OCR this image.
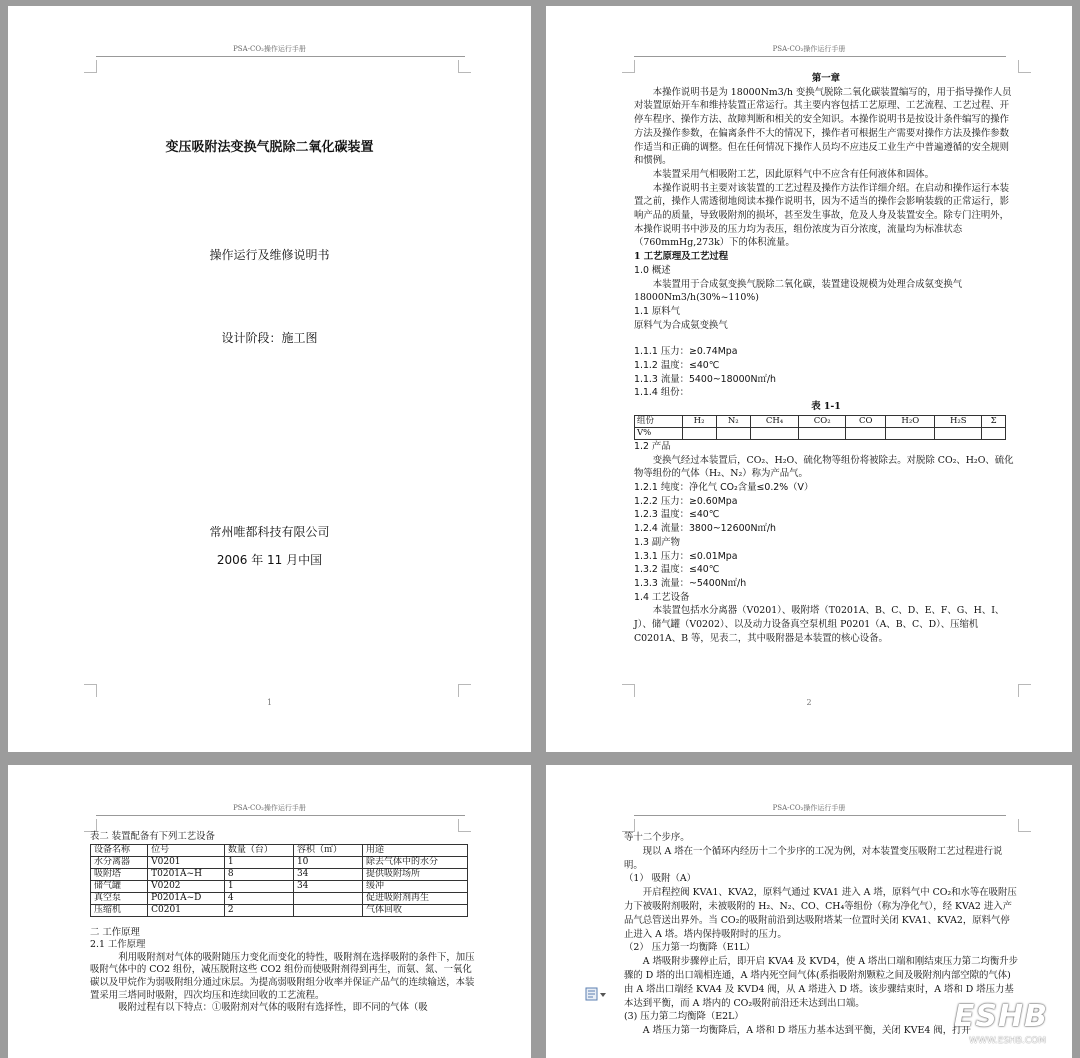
PSA-CO₂操作运行手册
变压吸附法变换气脱除二氧化碳装置
操作运行及维修说明书
设计阶段：施工图
常州唯都科技有限公司
2006 年 11 月中国
1
PSA-CO₂操作运行手册

第一章

本操作说明书是为 18000Nm3/h 变换气脱除二氧化碳装置编写的，用于指导操作人员对装置原始开车和维持装置正常运行。其主要内容包括工艺原理、工艺流程、工艺过程、开停车程序、操作方法、故障判断和相关的安全知识。本操作说明书是按设计条件编写的操作方法及操作参数，在偏离条件不大的情况下，操作者可根据生产需要对操作方法及操作参数作适当和正确的调整。但在任何情况下操作人员均不应违反工业生产中普遍遵循的安全规则和惯例。

本装置采用气相吸附工艺，因此原料气中不应含有任何液体和固体。

本操作说明书主要对该装置的工艺过程及操作方法作详细介绍。在启动和操作运行本装置之前，操作人需透彻地阅读本操作说明书，因为不适当的操作会影响装载的正常运行，影响产品的质量，导致吸附剂的损坏，甚至发生事故，危及人身及装置安全。除专门注明外，本操作说明书中涉及的压力均为表压，组份浓度为百分浓度，流量均为标准状态（760mmHg,273k）下的体积流量。

1 工艺原理及工艺过程

1.0 概述

本装置用于合成氨变换气脱除二氧化碳，装置建设规模为处理合成氨变换气 18000Nm3/h(30%~110%)

1.1 原料气

原料气为合成氨变换气

1.1.1 压力：≥0.74Mpa

1.1.2 温度：≤40℃

1.1.3 流量：5400~18000N㎡/h

1.1.4 组份：

表 1-1

组份	H₂	N₂	CH₄	CO₂	CO	H₂O	H₂S	Σ
V%								

1.2 产品

变换气经过本装置后，CO₂、H₂O、硫化物等组份将被除去。对脱除 CO₂、H₂O、硫化物等组份的气体（H₂、N₂）称为产品气。

1.2.1 纯度：净化气 CO₂含量≤0.2%（V）

1.2.2 压力：≥0.60Mpa

1.2.3 温度：≤40℃

1.2.4 流量：3800~12600N㎡/h

1.3 副产物

1.3.1 压力：≤0.01Mpa

1.3.2 温度：≤40℃

1.3.3 流量：~5400N㎡/h

1.4 工艺设备

本装置包括水分离器（V0201）、吸附塔（T0201A、B、C、D、E、F、G、H、I、J）、储气罐（V0202）、以及动力设备真空泵机组 P0201（A、B、C、D）、压缩机 C0201A、B 等，见表二，其中吸附器是本装置的核心设备。

2
PSA-CO₂操作运行手册

表二 装置配备有下列工艺设备

设备名称	位号	数量（台）	容积（㎡）	用途
水分离器	V0201	1	10	除去气体中的水分
吸附塔	T0201A~H	8	34	提供吸附场所
储气罐	V0202	1	34	缓冲
真空泵	P0201A~D	4		促进吸附剂再生
压缩机	C0201	2		气体回收

二 工作原理

2.1 工作原理

利用吸附剂对气体的吸附随压力变化而变化的特性，吸附剂在选择吸附的条件下，加压吸附气体中的 CO2 组份，减压脱附这些 CO2 组份而使吸附剂得到再生，而氨、氮、一氧化碳以及甲烷作为弱吸附组分通过床层。为提高弱吸附组分收率并保证产品气的连续输送，本装置采用三塔同时吸附，四次均压和连续回收的工艺流程。

吸附过程有以下特点：①吸附剂对气体的吸附有选择性，即不同的气体（吸

PSA-CO₂操作运行手册

等十二个步序。

现以 A 塔在一个循环内经历十二个步序的工况为例，对本装置变压吸附工艺过程进行说明。

（1） 吸附（A）

开启程控阀 KVA1、KVA2，原料气通过 KVA1 进入 A 塔，原料气中 CO₂和水等在吸附压力下被吸附剂吸附，未被吸附的 H₂、N₂、CO、CH₄等组份（称为净化气），经 KVA2 进入产品气总管送出界外。当 CO₂的吸附前沿到达吸附塔某一位置时关闭 KVA1、KVA2，原料气停止进入 A 塔。塔内保持吸附时的压力。

（2） 压力第一均衡降（E1L）

A 塔吸附步骤停止后，即开启 KVA4 及 KVD4，使 A 塔出口端和刚结束压力第二均衡升步骤的 D 塔的出口端相连通，A 塔内死空间气体(系指吸附剂颗粒之间及吸附剂内部空隙的气体)由 A 塔出口端经 KVA4 及 KVD4 阀，从 A 塔进入 D 塔。该步骤结束时，A 塔和 D 塔压力基本达到平衡，而 A 塔内的 CO₂吸附前沿还未达到出口端。

(3) 压力第二均衡降（E2L）

A 塔压力第一均衡降后，A 塔和 D 塔压力基本达到平衡，关闭 KVE4 阀，打开

ESHB
WWW.ESHB.COM
